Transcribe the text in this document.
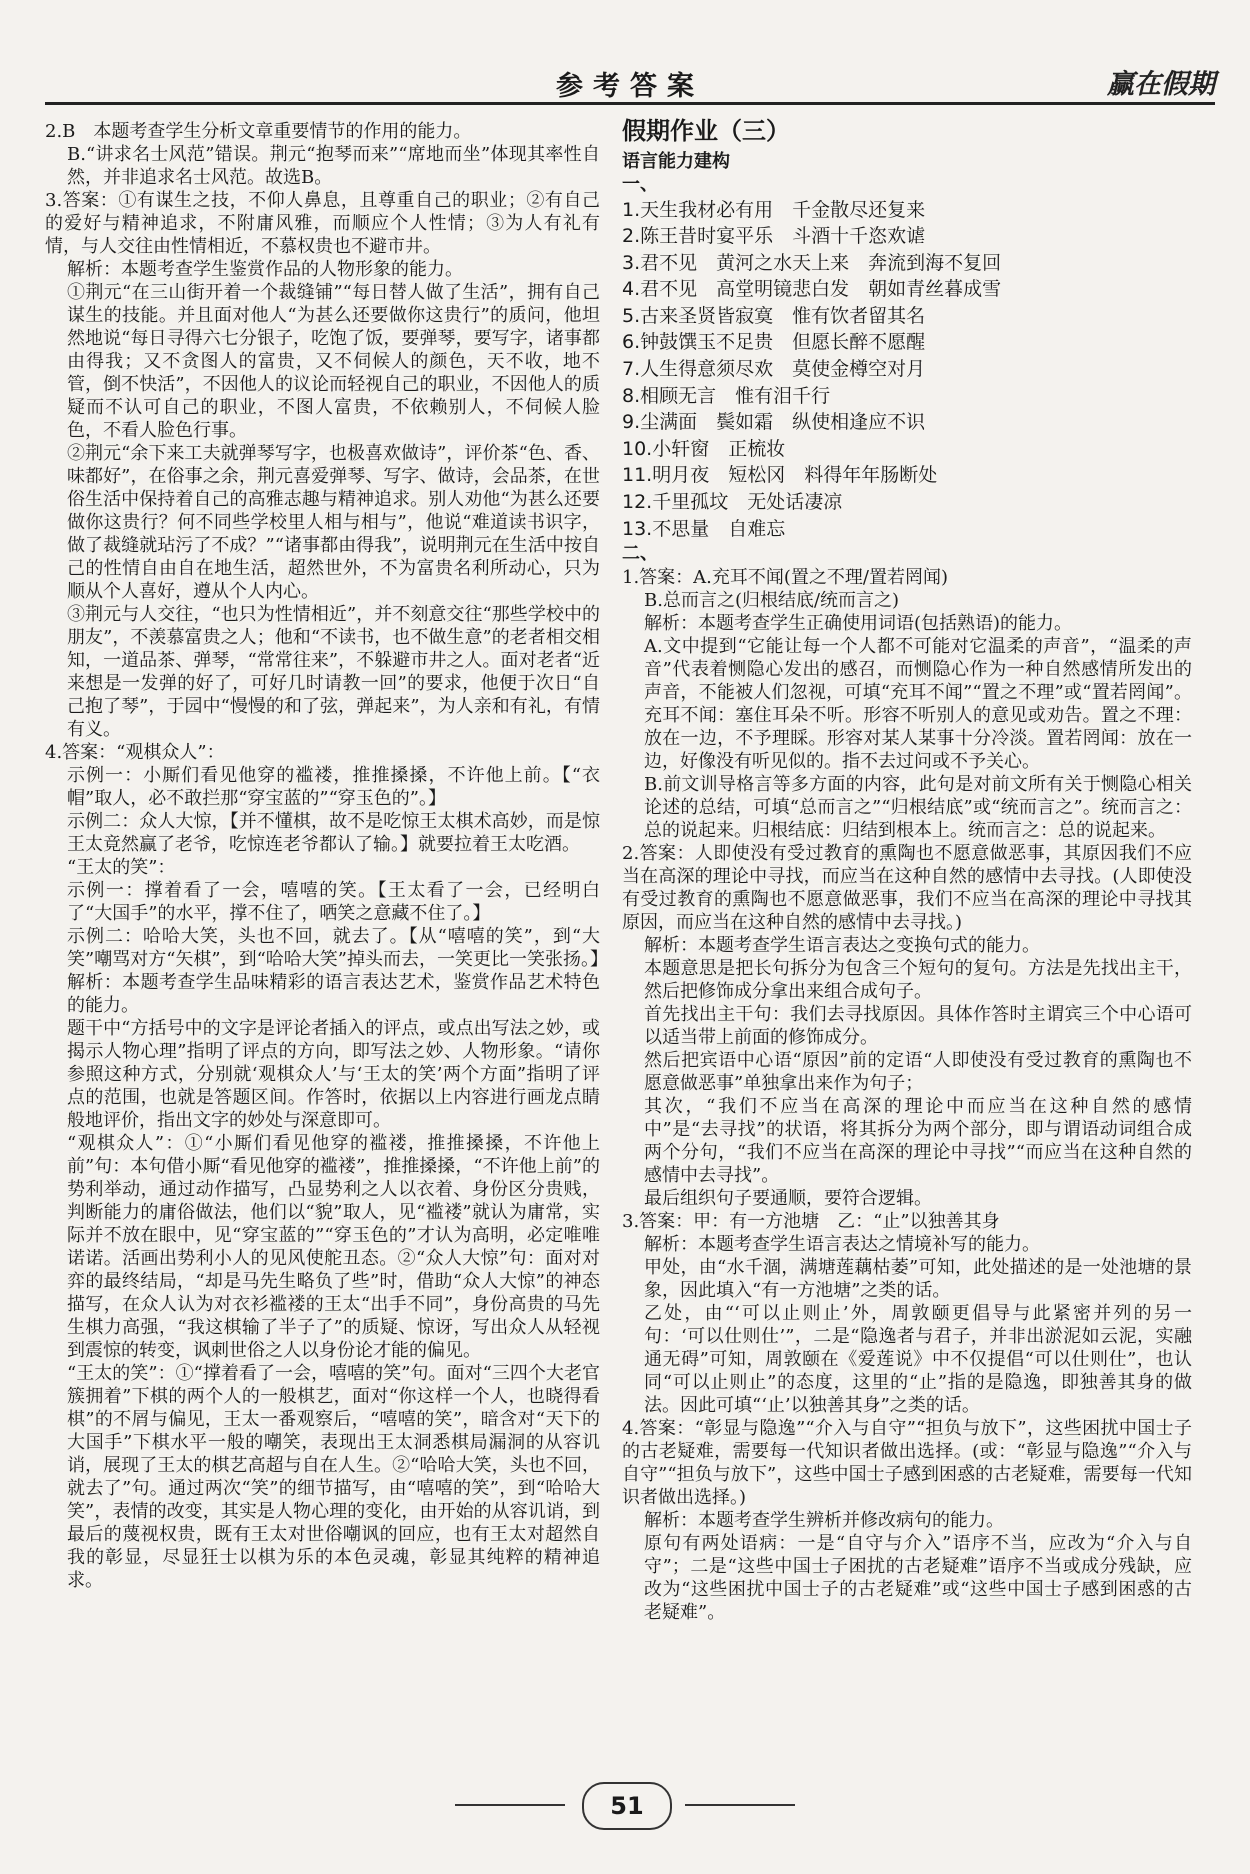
参考答案	赢在假期

2.B　本题考查学生分析文章重要情节的作用的能力。

B.“讲求名士风范”错误。荆元“抱琴而来”“席地而坐”体现其率性自然，并非追求名士风范。故选B。

3.答案：①有谋生之技，不仰人鼻息，且尊重自己的职业；②有自己的爱好与精神追求，不附庸风雅，而顺应个人性情；③为人有礼有情，与人交往由性情相近，不慕权贵也不避市井。

解析：本题考查学生鉴赏作品的人物形象的能力。

①荆元“在三山街开着一个裁缝铺”“每日替人做了生活”，拥有自己谋生的技能。并且面对他人“为甚么还要做你这贵行”的质问，他坦然地说“每日寻得六七分银子，吃饱了饭，要弹琴，要写字，诸事都由得我；又不贪图人的富贵，又不伺候人的颜色，天不收，地不管，倒不快活”，不因他人的议论而轻视自己的职业，不因他人的质疑而不认可自己的职业，不图人富贵，不依赖别人，不伺候人脸色，不看人脸色行事。

②荆元“余下来工夫就弹琴写字，也极喜欢做诗”，评价茶“色、香、味都好”，在俗事之余，荆元喜爱弹琴、写字、做诗，会品茶，在世俗生活中保持着自己的高雅志趣与精神追求。别人劝他“为甚么还要做你这贵行？何不同些学校里人相与相与”，他说“难道读书识字，做了裁缝就玷污了不成？”“诸事都由得我”，说明荆元在生活中按自己的性情自由自在地生活，超然世外，不为富贵名利所动心，只为顺从个人喜好，遵从个人内心。

③荆元与人交往，“也只为性情相近”，并不刻意交往“那些学校中的朋友”，不羡慕富贵之人；他和“不读书，也不做生意”的老者相交相知，一道品茶、弹琴，“常常往来”，不躲避市井之人。面对老者“近来想是一发弹的好了，可好几时请教一回”的要求，他便于次日“自己抱了琴”，于园中“慢慢的和了弦，弹起来”，为人亲和有礼，有情有义。

4.答案：“观棋众人”：

示例一：小厮们看见他穿的褴褛，推推搡搡，不许他上前。【“衣帽”取人，必不敢拦那“穿宝蓝的”“穿玉色的”。】

示例二：众人大惊，【并不懂棋，故不是吃惊王太棋术高妙，而是惊王太竟然赢了老爷，吃惊连老爷都认了输。】就要拉着王太吃酒。

“王太的笑”：

示例一：撑着看了一会，嘻嘻的笑。【王太看了一会，已经明白了“大国手”的水平，撑不住了，哂笑之意藏不住了。】

示例二：哈哈大笑，头也不回，就去了。【从“嘻嘻的笑”，到“大笑”嘲骂对方“矢棋”，到“哈哈大笑”掉头而去，一笑更比一笑张扬。】

解析：本题考查学生品味精彩的语言表达艺术，鉴赏作品艺术特色的能力。

题干中“方括号中的文字是评论者插入的评点，或点出写法之妙，或揭示人物心理”指明了评点的方向，即写法之妙、人物形象。“请你参照这种方式，分别就‘观棋众人’与‘王太的笑’两个方面”指明了评点的范围，也就是答题区间。作答时，依据以上内容进行画龙点睛般地评价，指出文字的妙处与深意即可。

“观棋众人”：①“小厮们看见他穿的褴褛，推推搡搡，不许他上前”句：本句借小厮“看见他穿的褴褛”，推推搡搡，“不许他上前”的势利举动，通过动作描写，凸显势利之人以衣着、身份区分贵贱，判断能力的庸俗做法，他们以“貌”取人，见“褴褛”就认为庸常，实际并不放在眼中，见“穿宝蓝的”“穿玉色的”才认为高明，必定唯唯诺诺。活画出势利小人的见风使舵丑态。②“众人大惊”句：面对对弈的最终结局，“却是马先生略负了些”时，借助“众人大惊”的神态描写，在众人认为对衣衫褴褛的王太“出手不同”，身份高贵的马先生棋力高强，“我这棋输了半子了”的质疑、惊讶，写出众人从轻视到震惊的转变，讽刺世俗之人以身份论才能的偏见。

“王太的笑”：①“撑着看了一会，嘻嘻的笑”句。面对“三四个大老官簇拥着”下棋的两个人的一般棋艺，面对“你这样一个人，也晓得看棋”的不屑与偏见，王太一番观察后，“嘻嘻的笑”，暗含对“天下的大国手”下棋水平一般的嘲笑，表现出王太洞悉棋局漏洞的从容讥诮，展现了王太的棋艺高超与自在人生。②“哈哈大笑，头也不回，就去了”句。通过两次“笑”的细节描写，由“嘻嘻的笑”，到“哈哈大笑”，表情的改变，其实是人物心理的变化，由开始的从容讥诮，到最后的蔑视权贵，既有王太对世俗嘲讽的回应，也有王太对超然自我的彰显，尽显狂士以棋为乐的本色灵魂，彰显其纯粹的精神追求。

假期作业（三）

语言能力建构

一、

1.天生我材必有用　千金散尽还复来

2.陈王昔时宴平乐　斗酒十千恣欢谑

3.君不见　黄河之水天上来　奔流到海不复回

4.君不见　高堂明镜悲白发　朝如青丝暮成雪

5.古来圣贤皆寂寞　惟有饮者留其名

6.钟鼓馔玉不足贵　但愿长醉不愿醒

7.人生得意须尽欢　莫使金樽空对月

8.相顾无言　惟有泪千行

9.尘满面　鬓如霜　纵使相逢应不识

10.小轩窗　正梳妆

11.明月夜　短松冈　料得年年肠断处

12.千里孤坟　无处话凄凉

13.不思量　自难忘

二、

1.答案：A.充耳不闻(置之不理/置若罔闻)

B.总而言之(归根结底/统而言之)

解析：本题考查学生正确使用词语(包括熟语)的能力。

A.文中提到“它能让每一个人都不可能对它温柔的声音”，“温柔的声音”代表着恻隐心发出的感召，而恻隐心作为一种自然感情所发出的声音，不能被人们忽视，可填“充耳不闻”“置之不理”或“置若罔闻”。充耳不闻：塞住耳朵不听。形容不听别人的意见或劝告。置之不理：放在一边，不予理睬。形容对某人某事十分冷淡。置若罔闻：放在一边，好像没有听见似的。指不去过问或不予关心。

B.前文训导格言等多方面的内容，此句是对前文所有关于恻隐心相关论述的总结，可填“总而言之”“归根结底”或“统而言之”。统而言之：总的说起来。归根结底：归结到根本上。统而言之：总的说起来。

2.答案：人即使没有受过教育的熏陶也不愿意做恶事，其原因我们不应当在高深的理论中寻找，而应当在这种自然的感情中去寻找。(人即使没有受过教育的熏陶也不愿意做恶事，我们不应当在高深的理论中寻找其原因，而应当在这种自然的感情中去寻找。)

解析：本题考查学生语言表达之变换句式的能力。

本题意思是把长句拆分为包含三个短句的复句。方法是先找出主干，然后把修饰成分拿出来组合成句子。

首先找出主干句：我们去寻找原因。具体作答时主谓宾三个中心语可以适当带上前面的修饰成分。

然后把宾语中心语“原因”前的定语“人即使没有受过教育的熏陶也不愿意做恶事”单独拿出来作为句子；

其次，“我们不应当在高深的理论中而应当在这种自然的感情中”是“去寻找”的状语，将其拆分为两个部分，即与谓语动词组合成两个分句，“我们不应当在高深的理论中寻找”“而应当在这种自然的感情中去寻找”。

最后组织句子要通顺，要符合逻辑。

3.答案：甲：有一方池塘　乙：“止”以独善其身

解析：本题考查学生语言表达之情境补写的能力。

甲处，由“水千涸，满塘莲藕枯萎”可知，此处描述的是一处池塘的景象，因此填入“有一方池塘”之类的话。

乙处，由“‘可以止则止’外，周敦颐更倡导与此紧密并列的另一句：‘可以仕则仕’”，二是“隐逸者与君子，并非出淤泥如云泥，实融通无碍”可知，周敦颐在《爱莲说》中不仅提倡“可以仕则仕”，也认同“可以止则止”的态度，这里的“止”指的是隐逸，即独善其身的做法。因此可填“‘止’以独善其身”之类的话。

4.答案：“彰显与隐逸”“介入与自守”“担负与放下”，这些困扰中国士子的古老疑难，需要每一代知识者做出选择。(或：“彰显与隐逸”“介入与自守”“担负与放下”，这些中国士子感到困惑的古老疑难，需要每一代知识者做出选择。)

解析：本题考查学生辨析并修改病句的能力。

原句有两处语病：一是“自守与介入”语序不当，应改为“介入与自守”；二是“这些中国士子困扰的古老疑难”语序不当或成分残缺，应改为“这些困扰中国士子的古老疑难”或“这些中国士子感到困惑的古老疑难”。

51
